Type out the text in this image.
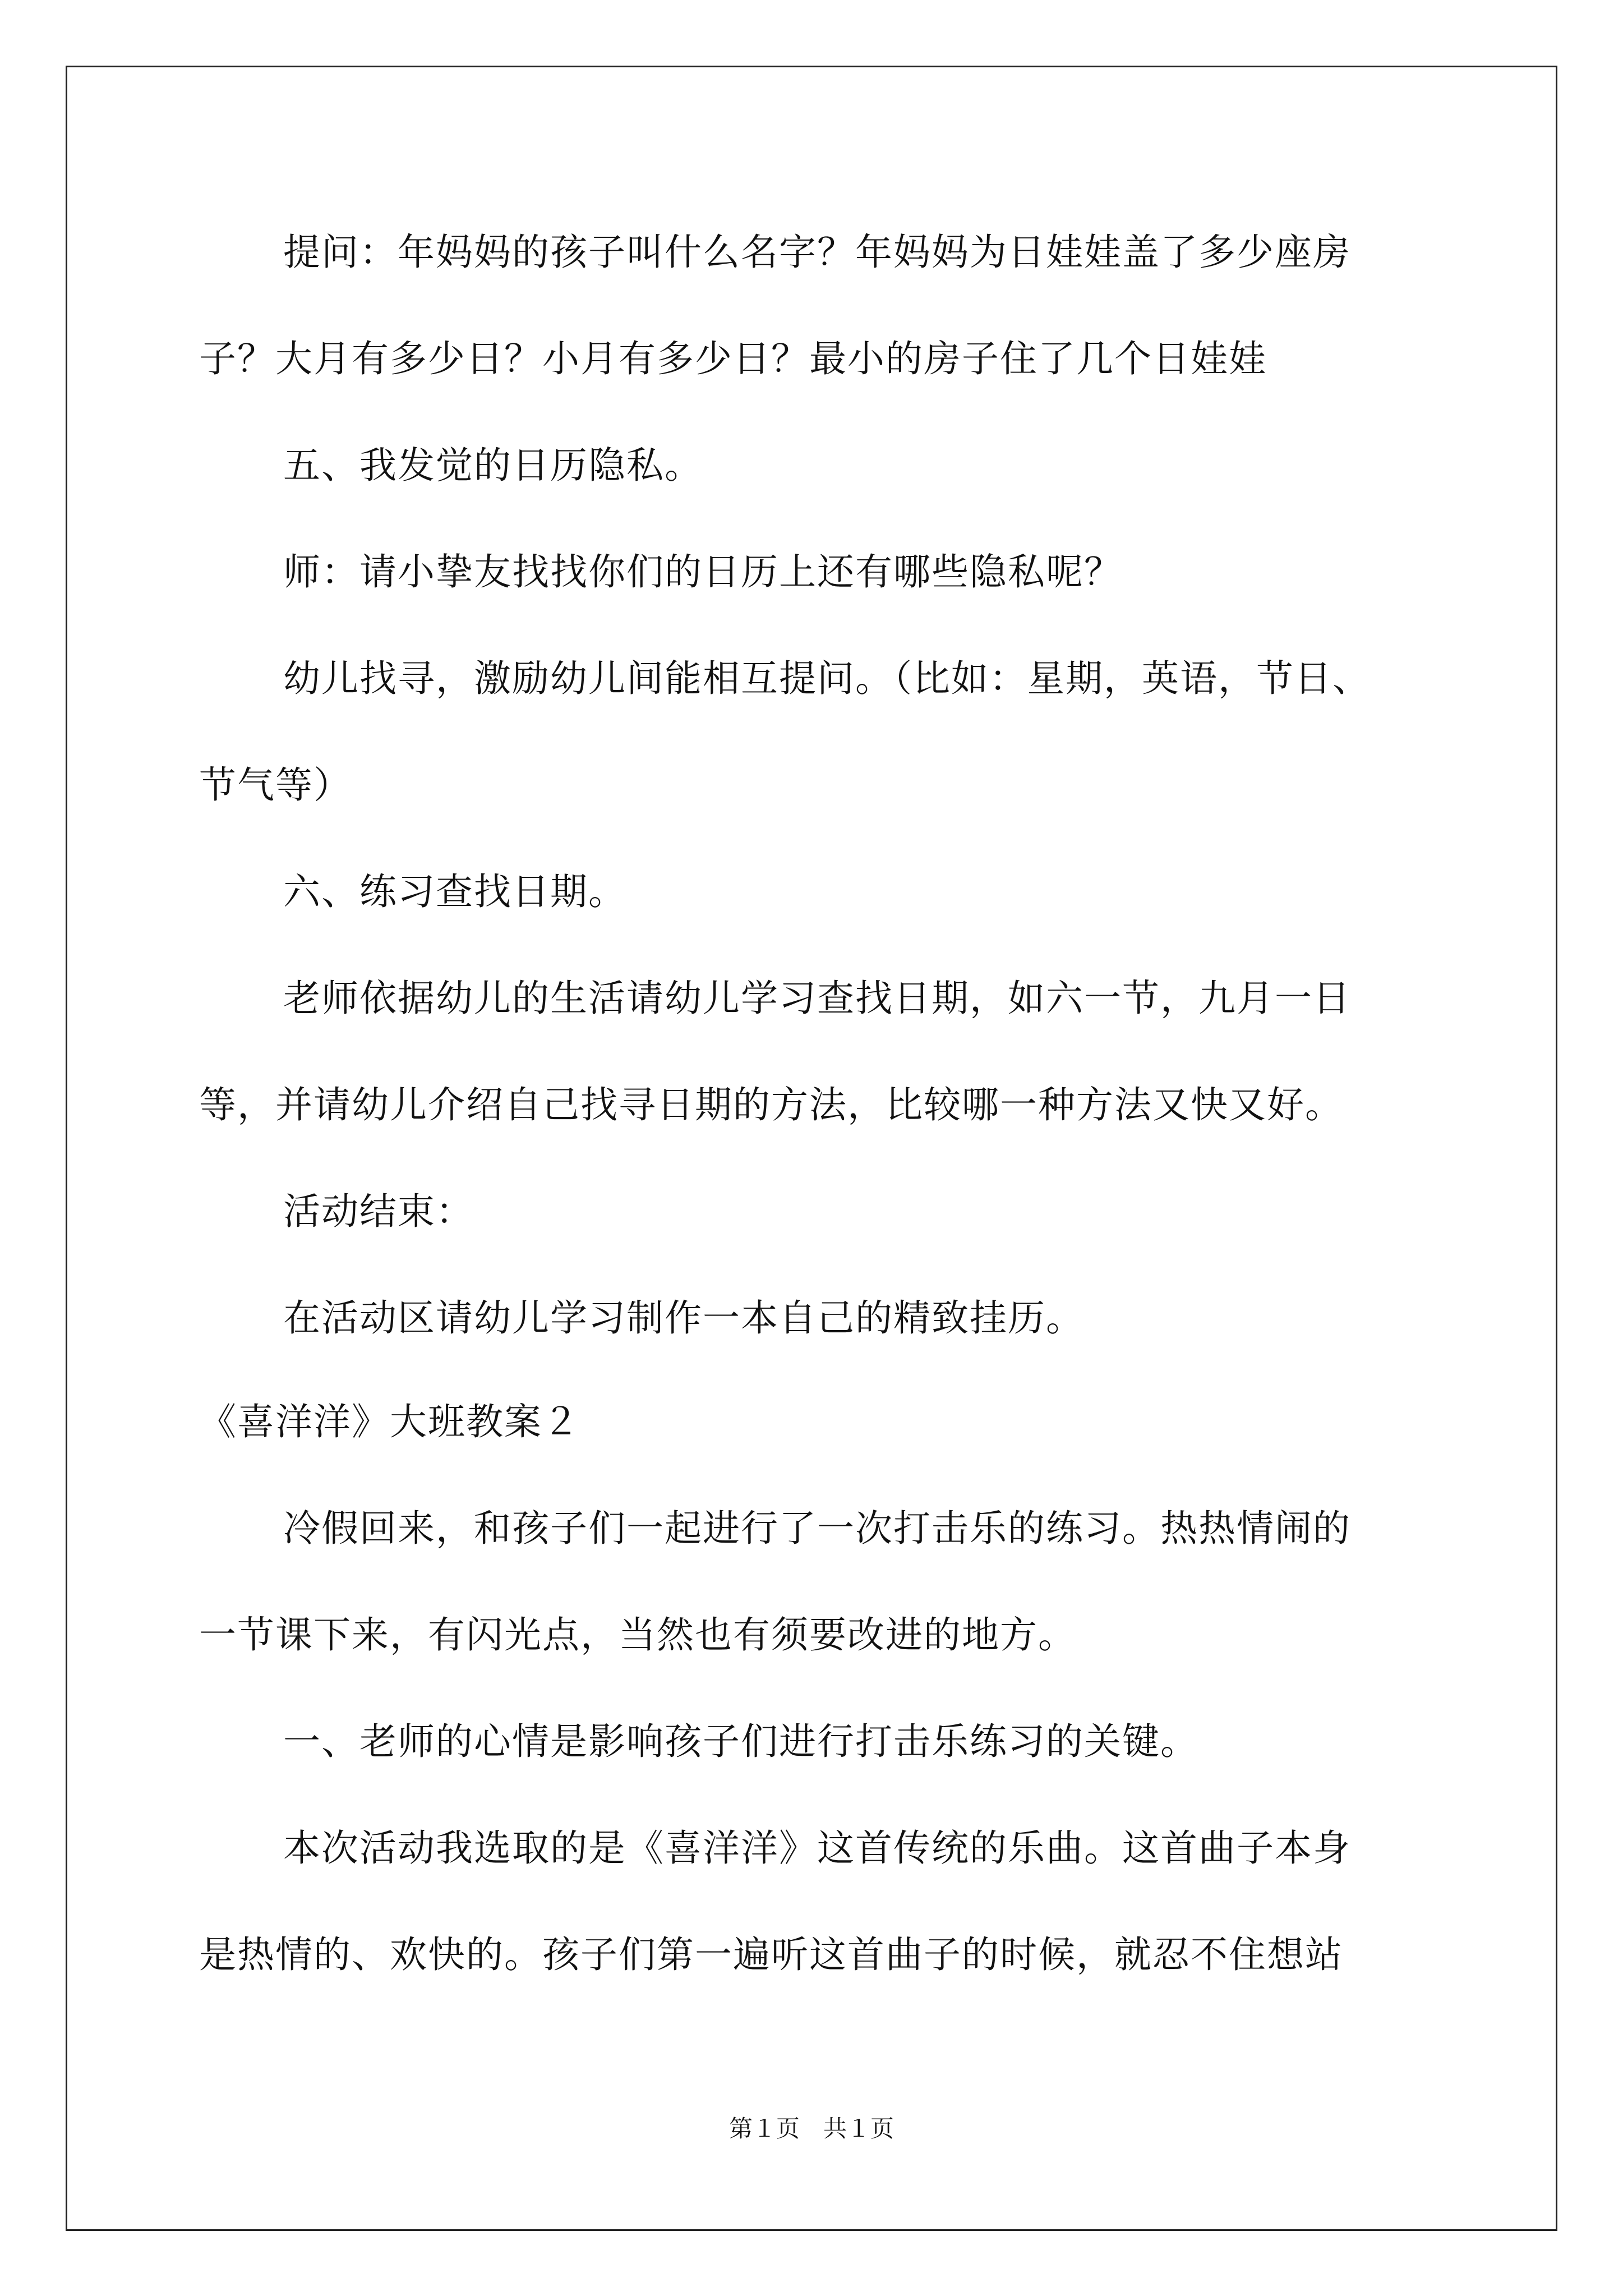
提问：年妈妈的孩子叫什么名字？年妈妈为日娃娃盖了多少座房
子？大月有多少日？小月有多少日？最小的房子住了几个日娃娃
五、我发觉的日历隐私。
师：请小挚友找找你们的日历上还有哪些隐私呢？
幼儿找寻，激励幼儿间能相互提问。（比如：星期，英语，节日、
节气等）
六、练习查找日期。
老师依据幼儿的生活请幼儿学习查找日期，如六一节，九月一日
等，并请幼儿介绍自己找寻日期的方法，比较哪一种方法又快又好。
活动结束：
在活动区请幼儿学习制作一本自己的精致挂历。
《喜洋洋》大班教案２
冷假回来，和孩子们一起进行了一次打击乐的练习。热热情闹的
一节课下来，有闪光点，当然也有须要改进的地方。
一、老师的心情是影响孩子们进行打击乐练习的关键。
本次活动我选取的是《喜洋洋》这首传统的乐曲。这首曲子本身
是热情的、欢快的。孩子们第一遍听这首曲子的时候，就忍不住想站
第１页　共１页
